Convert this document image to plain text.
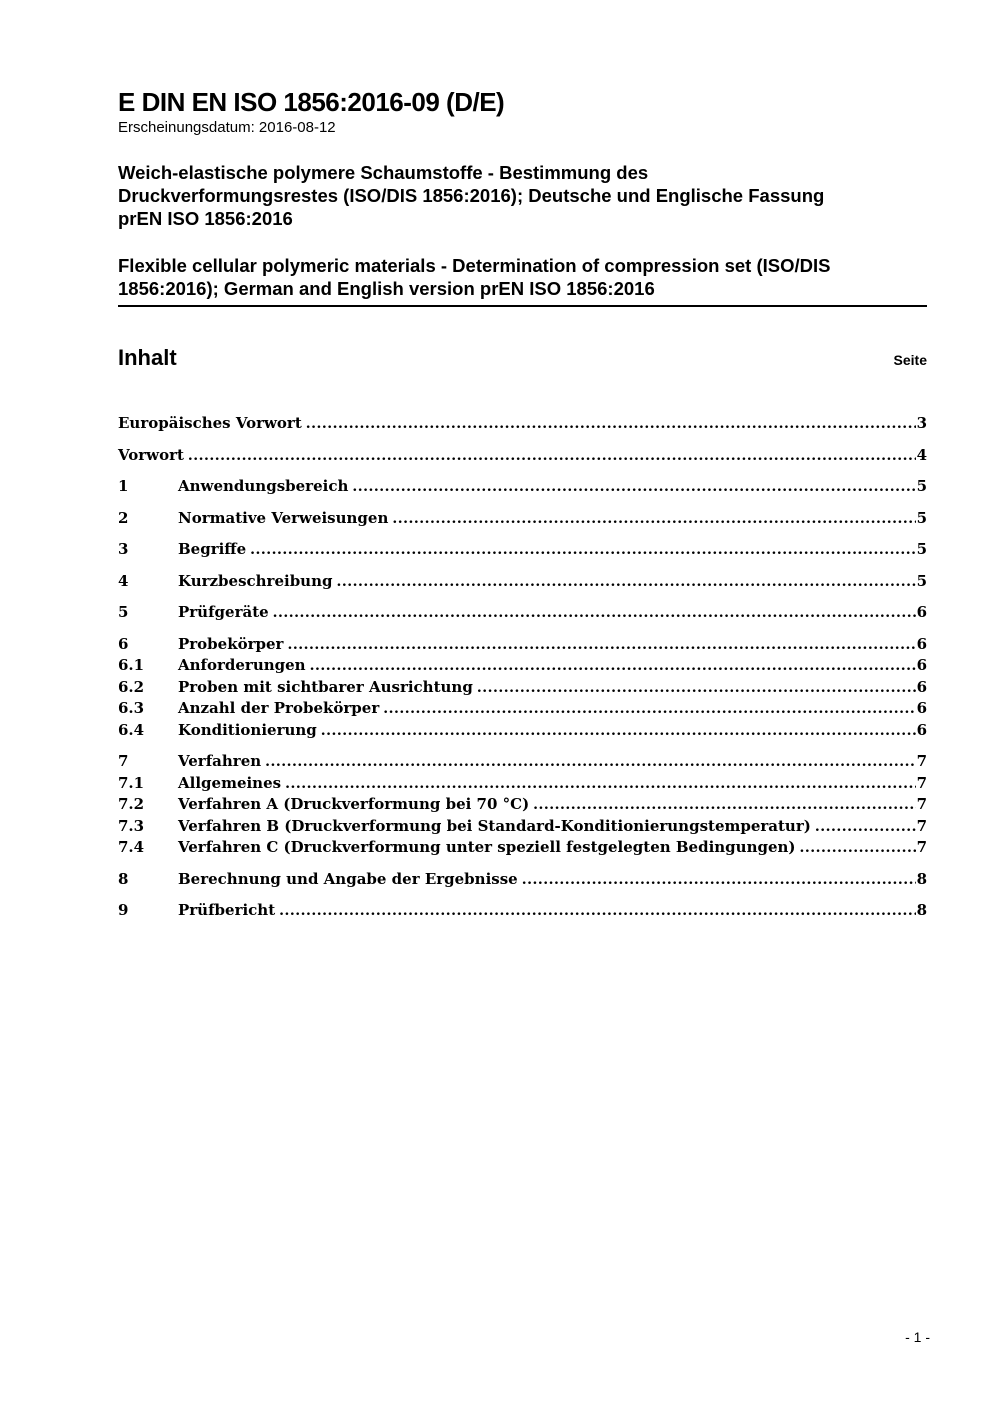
E DIN EN ISO 1856:2016-09 (D/E)
Erscheinungsdatum: 2016-08-12
Weich-elastische polymere Schaumstoffe - Bestimmung des
Druckverformungsrestes (ISO/DIS 1856:2016); Deutsche und Englische Fassung
prEN ISO 1856:2016
Flexible cellular polymeric materials - Determination of compression set (ISO/DIS
1856:2016); German and English version prEN ISO 1856:2016
Inhalt	Seite
Europäisches Vorwort .....	3
Vorwort .....	4
1	Anwendungsbereich .....	5
2	Normative Verweisungen .....	5
3	Begriffe .....	5
4	Kurzbeschreibung .....	5
5	Prüfgeräte .....	6
6	Probekörper .....	6
6.1	Anforderungen .....	6
6.2	Proben mit sichtbarer Ausrichtung .....	6
6.3	Anzahl der Probekörper .....	6
6.4	Konditionierung .....	6
7	Verfahren .....	7
7.1	Allgemeines .....	7
7.2	Verfahren A (Druckverformung bei 70 °C) .....	7
7.3	Verfahren B (Druckverformung bei Standard-Konditionierungstemperatur) .....	7
7.4	Verfahren C (Druckverformung unter speziell festgelegten Bedingungen) .....	7
8	Berechnung und Angabe der Ergebnisse .....	8
9	Prüfbericht .....	8
- 1 -
